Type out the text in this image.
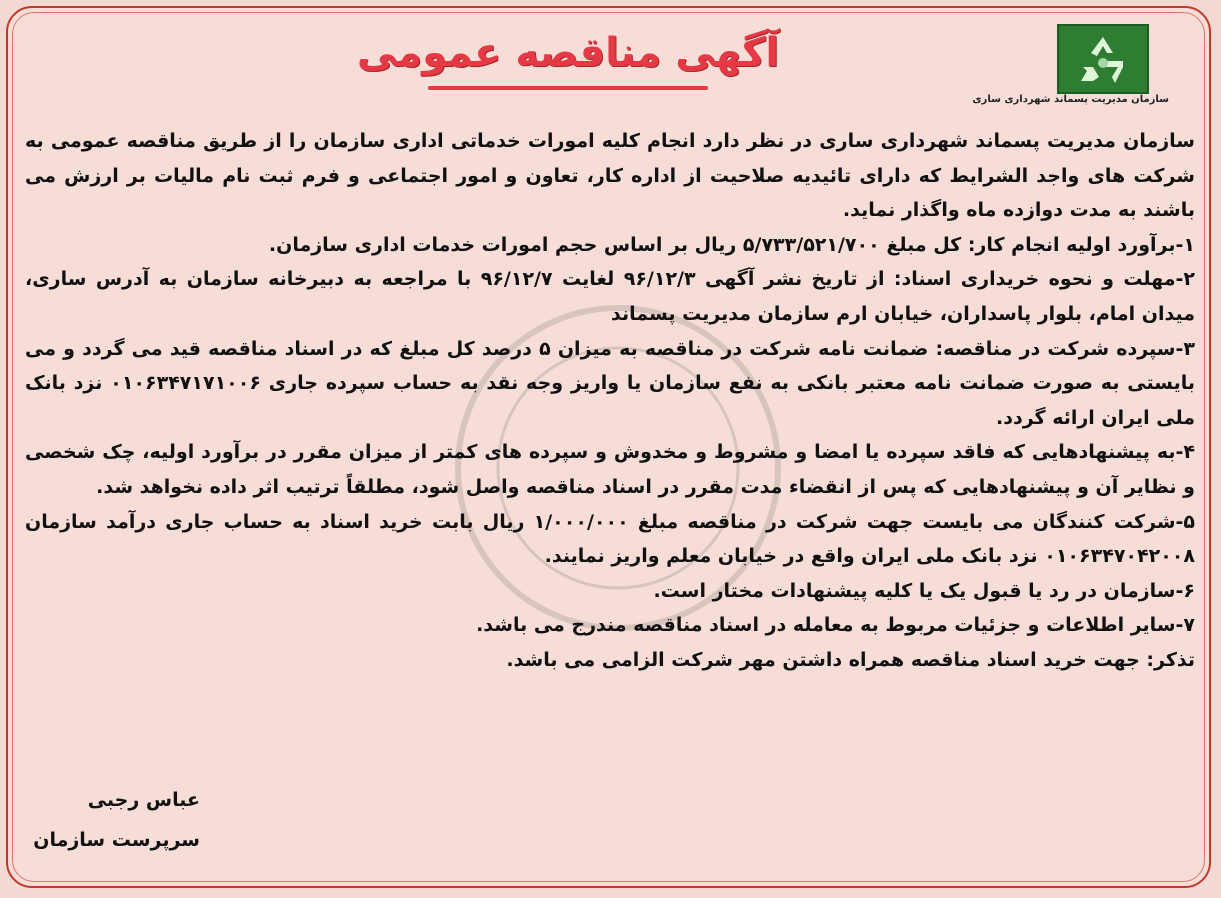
سازمان مدیریت پسماند شهرداری ساری
آگهی مناقصه عمومی

سازمان مدیریت پسماند شهرداری ساری در نظر دارد انجام کلیه امورات خدماتی اداری سازمان را از طریق مناقصه عمومی به شرکت های واجد الشرایط که دارای تائیدیه صلاحیت از اداره کار، تعاون و امور اجتماعی و فرم ثبت نام مالیات بر ارزش می باشند به مدت دوازده ماه واگذار نماید.

۱-برآورد اولیه انجام کار: کل مبلغ ۵/۷۳۳/۵۲۱/۷۰۰ ریال بر اساس حجم امورات خدمات اداری سازمان.

۲-مهلت و نحوه خریداری اسناد: از تاریخ نشر آگهی ۹۶/۱۲/۳ لغایت ۹۶/۱۲/۷ با مراجعه به دبیرخانه سازمان به آدرس ساری، میدان امام، بلوار پاسداران، خیابان ارم سازمان مدیریت پسماند

۳-سپرده شرکت در مناقصه: ضمانت نامه شرکت در مناقصه به میزان ۵ درصد کل مبلغ که در اسناد مناقصه قید می گردد و می بایستی به صورت ضمانت نامه معتبر بانکی به نفع سازمان یا واریز وجه نقد به حساب سپرده جاری ۰۱۰۶۳۴۷۱۷۱۰۰۶ نزد بانک ملی ایران ارائه گردد.

۴-به پیشنهادهایی که فاقد سپرده یا امضا و مشروط و مخدوش و سپرده های کمتر از میزان مقرر در برآورد اولیه، چک شخصی و نظایر آن و پیشنهادهایی که پس از انقضاء مدت مقرر در اسناد مناقصه واصل شود، مطلقاً ترتیب اثر داده نخواهد شد.

۵-شرکت کنندگان می بایست جهت شرکت در مناقصه مبلغ ۱/۰۰۰/۰۰۰ ریال بابت خرید اسناد به حساب جاری درآمد سازمان ۰۱۰۶۳۴۷۰۴۲۰۰۸ نزد بانک ملی ایران واقع در خیابان معلم واریز نمایند.

۶-سازمان در رد یا قبول یک یا کلیه پیشنهادات مختار است.

۷-سایر اطلاعات و جزئیات مربوط به معامله در اسناد مناقصه مندرج می باشد.

تذکر: جهت خرید اسناد مناقصه همراه داشتن مهر شرکت الزامی می باشد.

عباس رجبی
سرپرست سازمان
